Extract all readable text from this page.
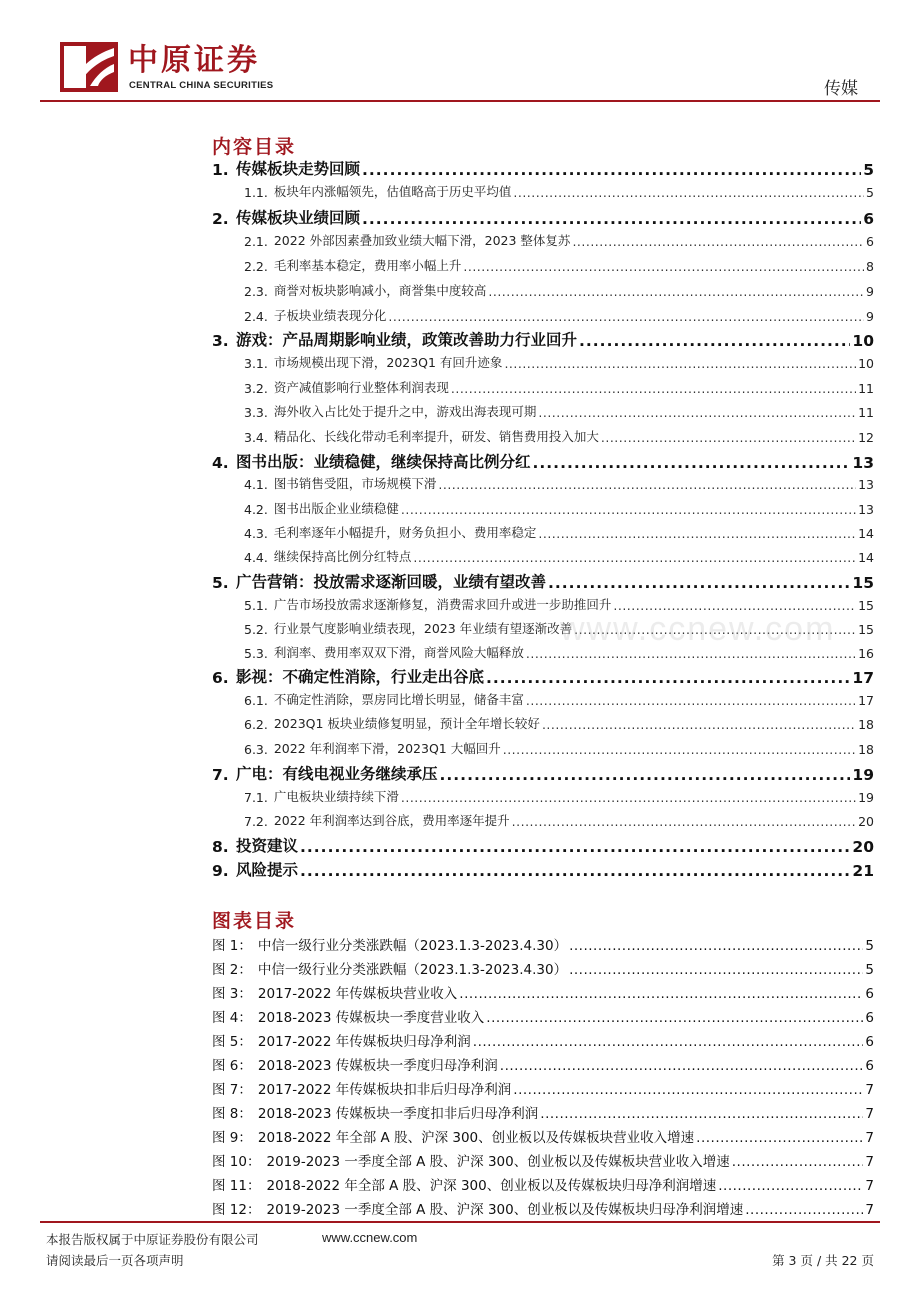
中原证券
CENTRAL CHINA SECURITIES	传媒
内容目录
1. 传媒板块走势回顾 .....	5
1.1. 板块年内涨幅领先，估值略高于历史平均值 .....	5
2. 传媒板块业绩回顾 .....	6
2.1. 2022 外部因素叠加致业绩大幅下滑，2023 整体复苏 .....	6
2.2. 毛利率基本稳定，费用率小幅上升 .....	8
2.3. 商誉对板块影响减小，商誉集中度较高 .....	9
2.4. 子板块业绩表现分化 .....	9
3. 游戏：产品周期影响业绩，政策改善助力行业回升 .....	10
3.1. 市场规模出现下滑，2023Q1 有回升迹象 .....	10
3.2. 资产减值影响行业整体利润表现 .....	11
3.3. 海外收入占比处于提升之中，游戏出海表现可期 .....	11
3.4. 精品化、长线化带动毛利率提升，研发、销售费用投入加大 .....	12
4. 图书出版：业绩稳健，继续保持高比例分红 .....	13
4.1. 图书销售受阻，市场规模下滑 .....	13
4.2. 图书出版企业业绩稳健 .....	13
4.3. 毛利率逐年小幅提升，财务负担小、费用率稳定 .....	14
4.4. 继续保持高比例分红特点 .....	14
5. 广告营销：投放需求逐渐回暖，业绩有望改善 .....	15
5.1. 广告市场投放需求逐渐修复，消费需求回升或进一步助推回升 .....	15
5.2. 行业景气度影响业绩表现，2023 年业绩有望逐渐改善 .....	15
5.3. 利润率、费用率双双下滑，商誉风险大幅释放 .....	16
6. 影视：不确定性消除，行业走出谷底 .....	17
6.1. 不确定性消除，票房同比增长明显，储备丰富 .....	17
6.2. 2023Q1 板块业绩修复明显，预计全年增长较好 .....	18
6.3. 2022 年利润率下滑，2023Q1 大幅回升 .....	18
7. 广电：有线电视业务继续承压 .....	19
7.1. 广电板块业绩持续下滑 .....	19
7.2. 2022 年利润率达到谷底，费用率逐年提升 .....	20
8. 投资建议 .....	20
9. 风险提示 .....	21
图表目录
图 1： 中信一级行业分类涨跌幅（2023.1.3-2023.4.30） .....	5
图 2： 中信一级行业分类涨跌幅（2023.1.3-2023.4.30） .....	5
图 3： 2017-2022 年传媒板块营业收入 .....	6
图 4： 2018-2023 传媒板块一季度营业收入 .....	6
图 5： 2017-2022 年传媒板块归母净利润 .....	6
图 6： 2018-2023 传媒板块一季度归母净利润 .....	6
图 7： 2017-2022 年传媒板块扣非后归母净利润 .....	7
图 8： 2018-2023 传媒板块一季度扣非后归母净利润 .....	7
图 9： 2018-2022 年全部 A 股、沪深 300、创业板以及传媒板块营业收入增速 .....	7
图 10： 2019-2023 一季度全部 A 股、沪深 300、创业板以及传媒板块营业收入增速 .....	7
图 11： 2018-2022 年全部 A 股、沪深 300、创业板以及传媒板块归母净利润增速 .....	7
图 12： 2019-2023 一季度全部 A 股、沪深 300、创业板以及传媒板块归母净利润增速 .....	7
www.ccnew.com
本报告版权属于中原证券股份有限公司	www.ccnew.com
请阅读最后一页各项声明	第 3 页 / 共 22 页
